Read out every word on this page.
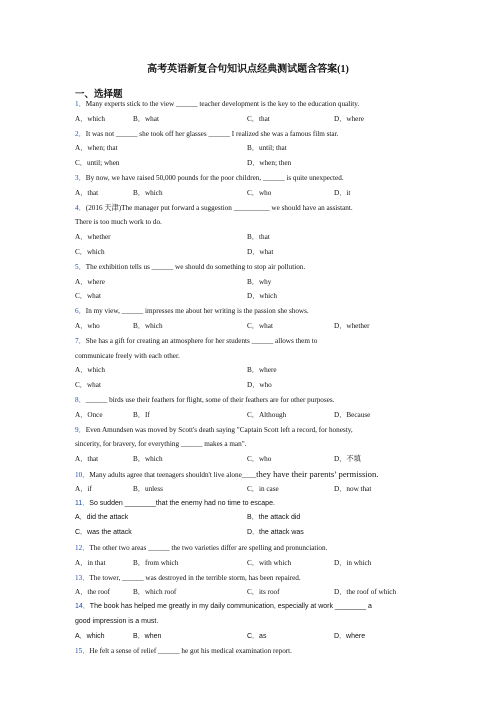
高考英语新复合句知识点经典测试题含答案(1)
一、选择题
1．Many experts stick to the view ______ teacher development is the key to the education quality.
A．which	B．what	C．that	D．where
2．It was not ______ she took off her glasses ______ I realized she was a famous film star.
A．when; that	B．until; that
C．until; when	D．when; then
3．By now, we have raised 50,000 pounds for the poor children, ______ is quite unexpected.
A．that	B．which	C．who	D．it
4．(2016 天津)The manager put forward a suggestion __________ we should have an assistant.
There is too much work to do.
A．whether	B．that
C．which	D．what
5．The exhibition tells us ______ we should do something to stop air pollution.
A．where	B．why
C．what	D．which
6．In my view, ______ impresses me about her writing is the passion she shows.
A．who	B．which	C．what	D．whether
7．She has a gift for creating an atmosphere for her students ______ allows them to
communicate freely with each other.
A．which	B．where
C．what	D．who
8．______ birds use their feathers for flight, some of their feathers are for other purposes.
A．Once	B．If	C．Although	D．Because
9．Even Amundsen was moved by Scott's death saying "Captain Scott left a record, for honesty,
sincerity, for bravery, for everything ______ makes a man".
A．that	B．which	C．who	D．不填
10．Many adults agree that teenagers shouldn't live alone____they have their parents’ permission.
A．if	B．unless	C．in case	D．now that
11．So sudden ________that the enemy had no time to escape.
A．did the attack	B．the attack did
C．was the attack	D．the attack was
12．The other two areas ______ the two varieties differ are spelling and pronunciation.
A．in that	B．from which	C．with which	D．in which
13．The tower, ______ was destroyed in the terrible storm, has been repaired.
A．the roof	B．which roof	C．its roof	D．the roof of which
14．The book has helped me greatly in my daily communication, especially at work ________ a
good impression is a must.
A．which	B．when	C．as	D．where
15．He felt a sense of relief ______ he got his medical examination report.
